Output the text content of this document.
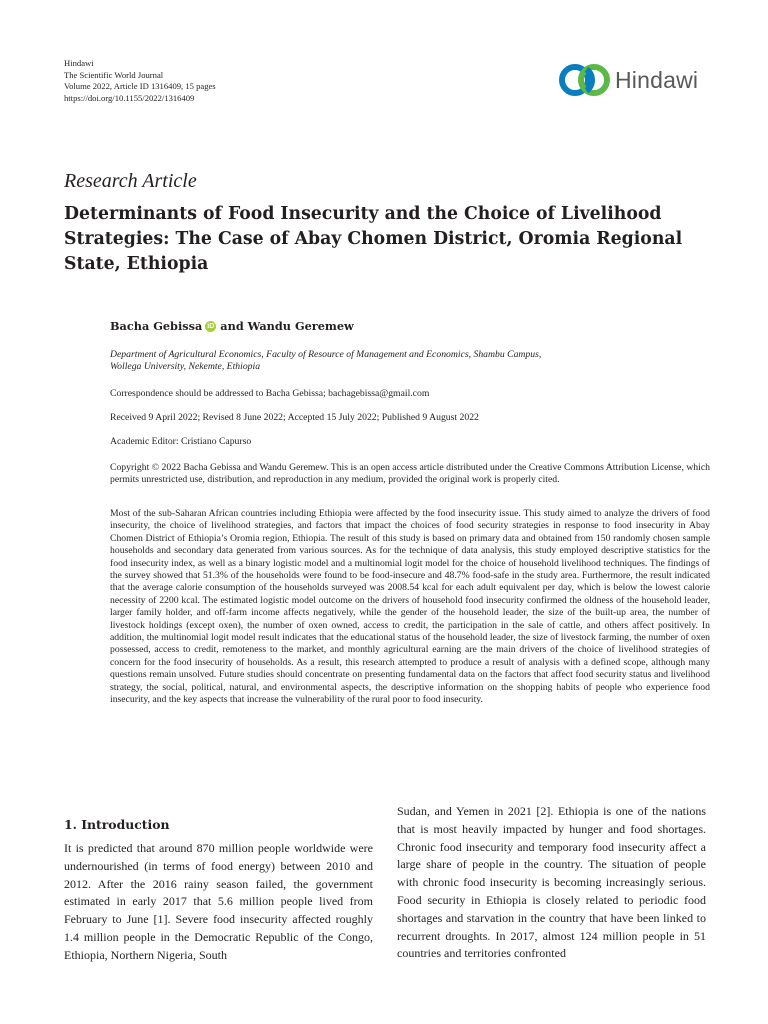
Hindawi
The Scientific World Journal
Volume 2022, Article ID 1316409, 15 pages
https://doi.org/10.1155/2022/1316409
Hindawi
Research Article
Determinants of Food Insecurity and the Choice of Livelihood Strategies: The Case of Abay Chomen District, Oromia Regional State, Ethiopia
Bacha Gebissa iD and
Wandu Geremew
Department of Agricultural Economics, Faculty of Resource of Management and Economics, Shambu Campus,
Wollega University, Nekemte, Ethiopia
Correspondence should be addressed to Bacha Gebissa; bachagebissa@gmail.com
Received 9 April 2022; Revised 8 June 2022; Accepted 15 July 2022; Published 9 August 2022
Academic Editor: Cristiano Capurso
Copyright © 2022 Bacha Gebissa and Wandu Geremew. This is an open access article distributed under the Creative Commons Attribution License, which permits unrestricted use, distribution, and reproduction in any medium, provided the original work is properly cited.
Most of the sub-Saharan African countries including Ethiopia were affected by the food insecurity issue. This study aimed to analyze the drivers of food insecurity, the choice of livelihood strategies, and factors that impact the choices of food security strategies in response to food insecurity in Abay Chomen District of Ethiopia’s Oromia region, Ethiopia. The result of this study is based on primary data and obtained from 150 randomly chosen sample households and secondary data generated from various sources. As for the technique of data analysis, this study employed descriptive statistics for the food insecurity index, as well as a binary logistic model and a multinomial logit model for the choice of household livelihood techniques. The findings of the survey showed that 51.3% of the households were found to be food-insecure and 48.7% food-safe in the study area. Furthermore, the result indicated that the average calorie consumption of the households surveyed was 2008.54 kcal for each adult equivalent per day, which is below the lowest calorie necessity of 2200 kcal. The estimated logistic model outcome on the drivers of household food insecurity confirmed the oldness of the household leader, larger family holder, and off-farm income affects negatively, while the gender of the household leader, the size of the built-up area, the number of livestock holdings (except oxen), the number of oxen owned, access to credit, the participation in the sale of cattle, and others affect positively. In addition, the multinomial logit model result indicates that the educational status of the household leader, the size of livestock farming, the number of oxen possessed, access to credit, remoteness to the market, and monthly agricultural earning are the main drivers of the choice of livelihood strategies of concern for the food insecurity of households. As a result, this research attempted to produce a result of analysis with a defined scope, although many questions remain unsolved. Future studies should concentrate on presenting fundamental data on the factors that affect food security status and livelihood strategy, the social, political, natural, and environmental aspects, the descriptive information on the shopping habits of people who experience food insecurity, and the key aspects that increase the vulnerability of the rural poor to food insecurity.
1. Introduction
It is predicted that around 870 million people worldwide were undernourished (in terms of food energy) between 2010 and 2012. After the 2016 rainy season failed, the government estimated in early 2017 that 5.6 million people lived from February to June [1]. Severe food insecurity affected roughly 1.4 million people in the Democratic Republic of the Congo, Ethiopia, Northern Nigeria, South
Sudan, and Yemen in 2021 [2]. Ethiopia is one of the nations that is most heavily impacted by hunger and food shortages. Chronic food insecurity and temporary food insecurity affect a large share of people in the country. The situation of people with chronic food insecurity is becoming increasingly serious. Food security in Ethiopia is closely related to periodic food shortages and starvation in the country that have been linked to recurrent droughts. In 2017, almost 124 million people in 51 countries and territories confronted
